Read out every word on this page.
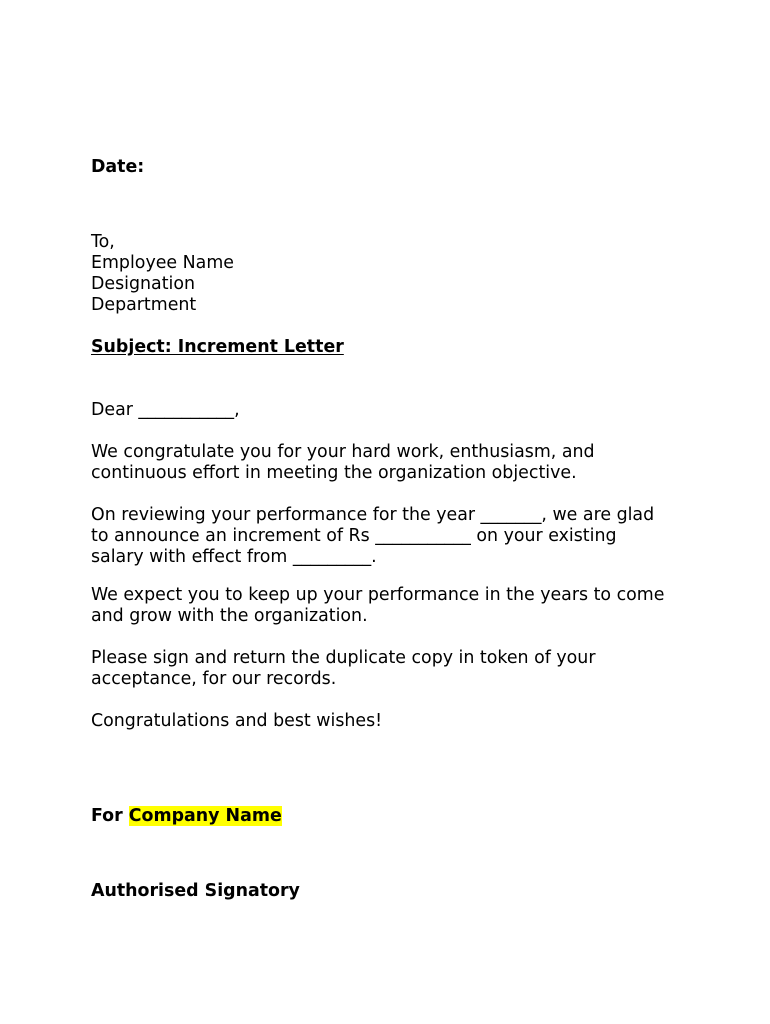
Date:
To,
Employee Name
Designation
Department
Subject: Increment Letter
Dear ___________,
We congratulate you for your hard work, enthusiasm, and
continuous effort in meeting the organization objective.
On reviewing your performance for the year _______, we are glad
to announce an increment of Rs ___________ on your existing
salary with effect from _________.
We expect you to keep up your performance in the years to come
and grow with the organization.
Please sign and return the duplicate copy in token of your
acceptance, for our records.
Congratulations and best wishes!
For Company Name
Authorised Signatory
